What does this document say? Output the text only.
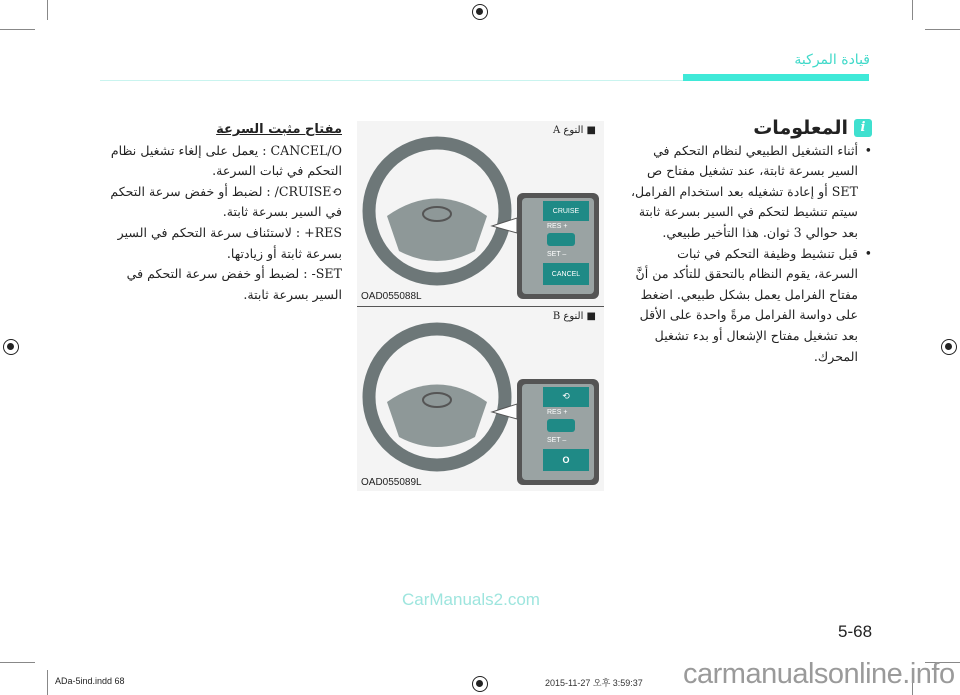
قيادة المركبة
i
المعلومات
• أثناء التشغيل الطبيعي لنظام التحكم في السير بسرعة ثابتة، عند تشغيل مفتاح ص SET أو إعادة تشغيله بعد استخدام الفرامل، سيتم تنشيط لتحكم في السير بسرعة ثابتة بعد حوالي 3 ثوان. هذا التأخير طبيعي.
• قبل تنشيط وظيفة التحكم في ثبات السرعة، يقوم النظام بالتحقق للتأكد من أنَّ مفتاح الفرامل يعمل بشكل طبيعي. اضغط على دواسة الفرامل مرةً واحدة على الأقل بعد تشغيل مفتاح الإشعال أو بدء تشغيل المحرك.
مفتاح مثبت السرعة
CANCEL/O : يعمل على إلغاء تشغيل نظام التحكم في ثبات السرعة.
⟲CRUISE/ : لضبط أو خفض سرعة التحكم في السير بسرعة ثابتة.
RES+ : لاستئناف سرعة التحكم في السير بسرعة ثابتة أو زيادتها.
SET- : لضبط أو خفض سرعة التحكم في السير بسرعة ثابتة.
■ النوع A
CRUISE
RES +
SET –
CANCEL
OAD055088L
■ النوع B
⟲
RES +
SET –
O
OAD055089L
CarManuals2.com
5-68
ADa-5ind.indd 68	carmanualsonline.info
2015-11-27 오후 3:59:37
